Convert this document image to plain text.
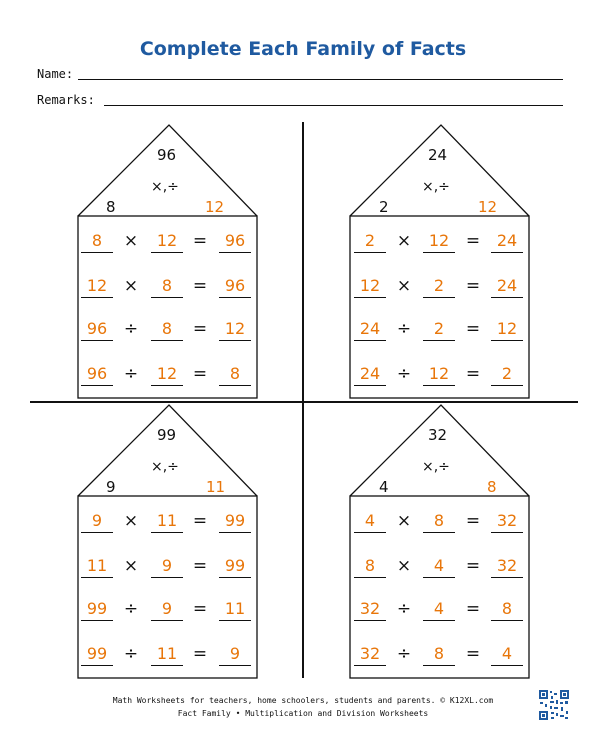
Complete Each Family of Facts
Name:
Remarks:
96
×,÷
8	12
8	×	12 =	96
12 ×	8	=	96
96 ÷	8	=	12
96 ÷	12 =	8
24
×,÷
2	12
2	×	12 =	24
12 ×	2	=	24
24 ÷	2	=	12
24 ÷	12 =	2
99
×,÷
9	11
9	×	11 =	99
11 ×	9	=	99
99 ÷	9	=	11
99 ÷	11 =	9
32
×,÷
4	8
4	×	8	=	32
8	×	4	=	32
32 ÷	4	=	8
32 ÷	8	=	4
Math Worksheets for teachers, home schoolers, students and parents. © K12XL.com
Fact Family • Multiplication and Division Worksheets
